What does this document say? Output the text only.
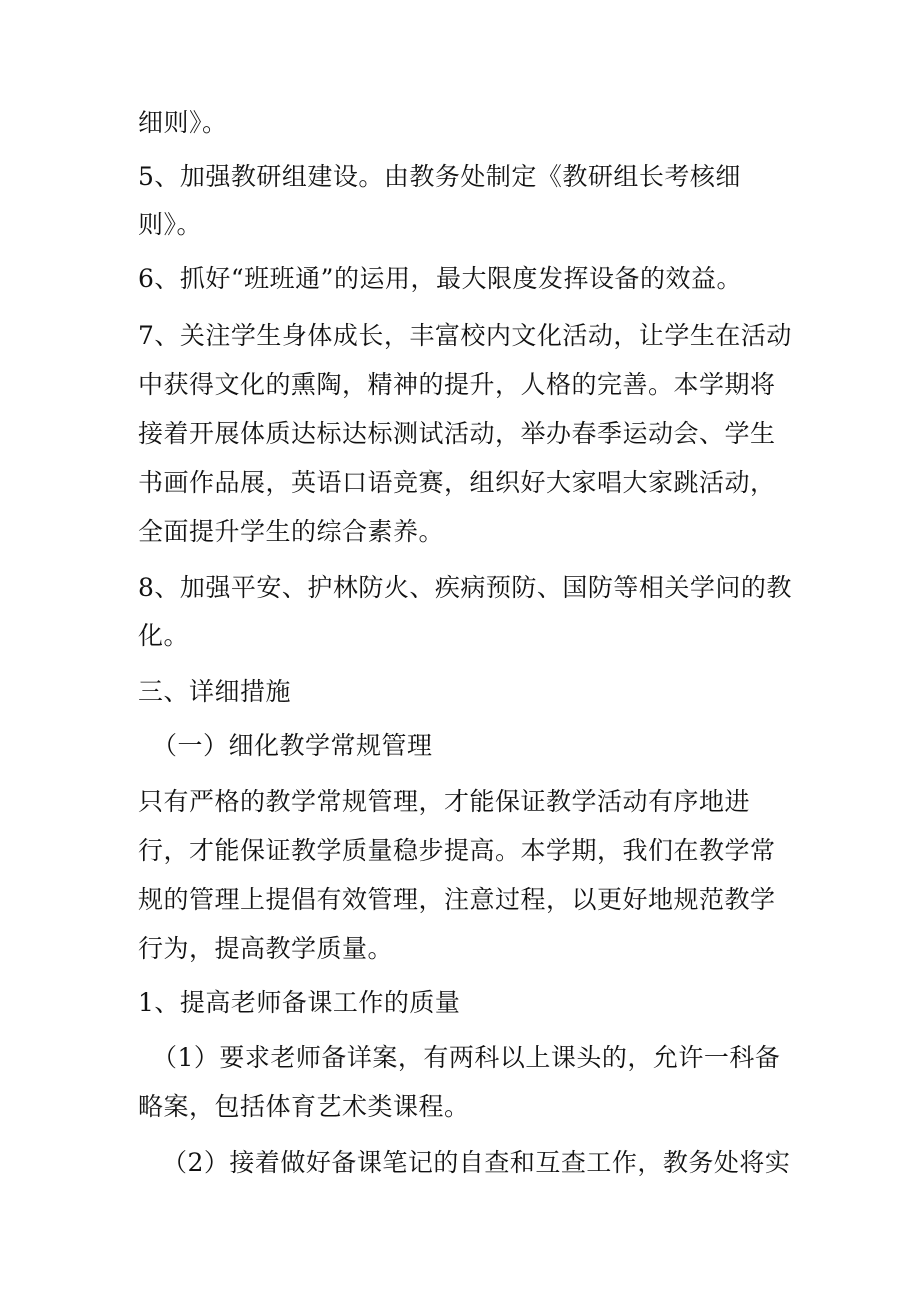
细则》。

5、加强教研组建设。由教务处制定《教研组长考核细

则》。

6、抓好“班班通”的运用，最大限度发挥设备的效益。

7、关注学生身体成长，丰富校内文化活动，让学生在活动

中获得文化的熏陶，精神的提升，人格的完善。本学期将

接着开展体质达标达标测试活动，举办春季运动会、学生

书画作品展，英语口语竞赛，组织好大家唱大家跳活动，

全面提升学生的综合素养。

8、加强平安、护林防火、疾病预防、国防等相关学问的教

化。

三、详细措施

（一）细化教学常规管理

只有严格的教学常规管理，才能保证教学活动有序地进

行，才能保证教学质量稳步提高。本学期，我们在教学常

规的管理上提倡有效管理，注意过程，以更好地规范教学

行为，提高教学质量。

1、提高老师备课工作的质量

（1）要求老师备详案，有两科以上课头的，允许一科备

略案，包括体育艺术类课程。

（2）接着做好备课笔记的自查和互查工作，教务处将实
